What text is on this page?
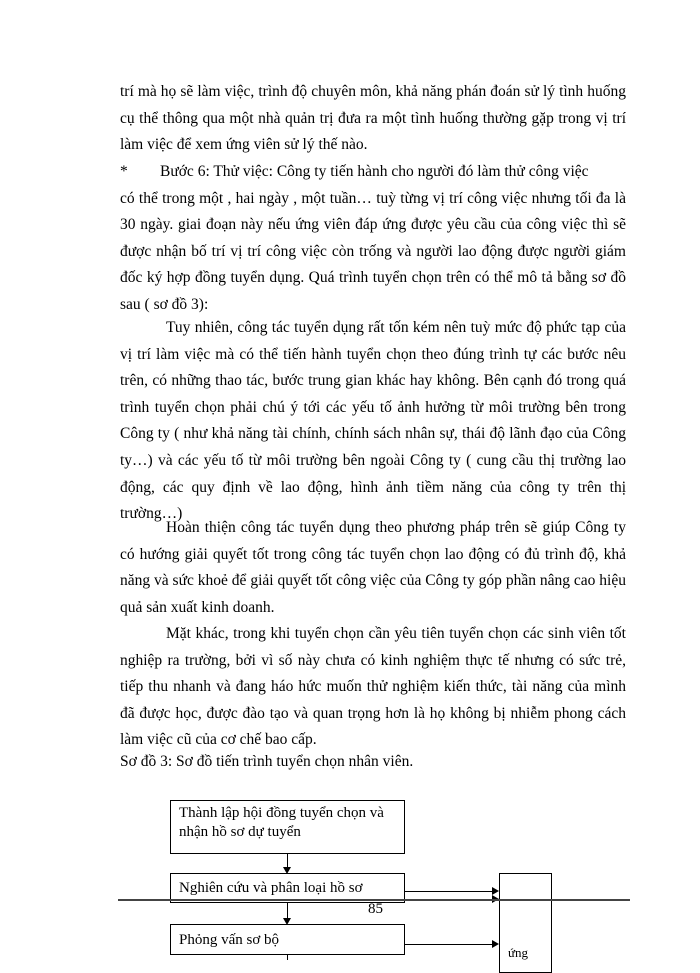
trí mà họ sẽ làm việc, trình độ chuyên môn, khả năng phán đoán sử lý tình huống cụ thể thông qua một nhà quản trị đưa ra một tình huống thường gặp trong vị trí làm việc để xem ứng viên sử lý thế nào.

* Bước 6: Thử việc: Công ty tiến hành cho người đó làm thử công việc
có thể trong một , hai ngày , một tuần… tuỳ từng vị trí công việc nhưng tối đa là 30 ngày. giai đoạn này nếu ứng viên đáp ứng được yêu cầu của công việc thì sẽ được nhận bố trí vị trí công việc còn trống và người lao động được người giám đốc ký hợp đồng tuyển dụng. Quá trình tuyển chọn trên có thể mô tả bằng sơ đồ sau ( sơ đồ 3):

Tuy nhiên, công tác tuyển dụng rất tốn kém nên tuỳ mức độ phức tạp của vị trí làm việc mà có thể tiến hành tuyển chọn theo đúng trình tự các bước nêu trên, có những thao tác, bước trung gian khác hay không. Bên cạnh đó trong quá trình tuyển chọn phải chú ý tới các yếu tố ảnh hưởng từ môi trường bên trong Công ty ( như khả năng tài chính, chính sách nhân sự, thái độ lãnh đạo của Công ty…) và các yếu tố từ môi trường bên ngoài Công ty ( cung cầu thị trường lao động, các quy định về lao động, hình ảnh tiềm năng của công ty trên thị trường…)

Hoàn thiện công tác tuyển dụng theo phương pháp trên sẽ giúp Công ty có hướng giải quyết tốt trong công tác tuyển chọn lao động có đủ trình độ, khả năng và sức khoẻ để giải quyết tốt công việc của Công ty góp phần nâng cao hiệu quả sản xuất kinh doanh.

Mặt khác, trong khi tuyển chọn cần yêu tiên tuyển chọn các sinh viên tốt nghiệp ra trường, bởi vì số này chưa có kinh nghiệm thực tế nhưng có sức trẻ, tiếp thu nhanh và đang háo hức muốn thử nghiệm kiến thức, tài năng của mình đã được học, được đào tạo và quan trọng hơn là họ không bị nhiễm phong cách làm việc cũ của cơ chế bao cấp.

Sơ đồ 3: Sơ đồ tiến trình tuyển chọn nhân viên.

Thành lập hội đồng tuyển chọn và nhận hồ sơ dự tuyển
Nghiên cứu và phân loại hồ sơ
ứng
Phỏng vấn sơ bộ
85
